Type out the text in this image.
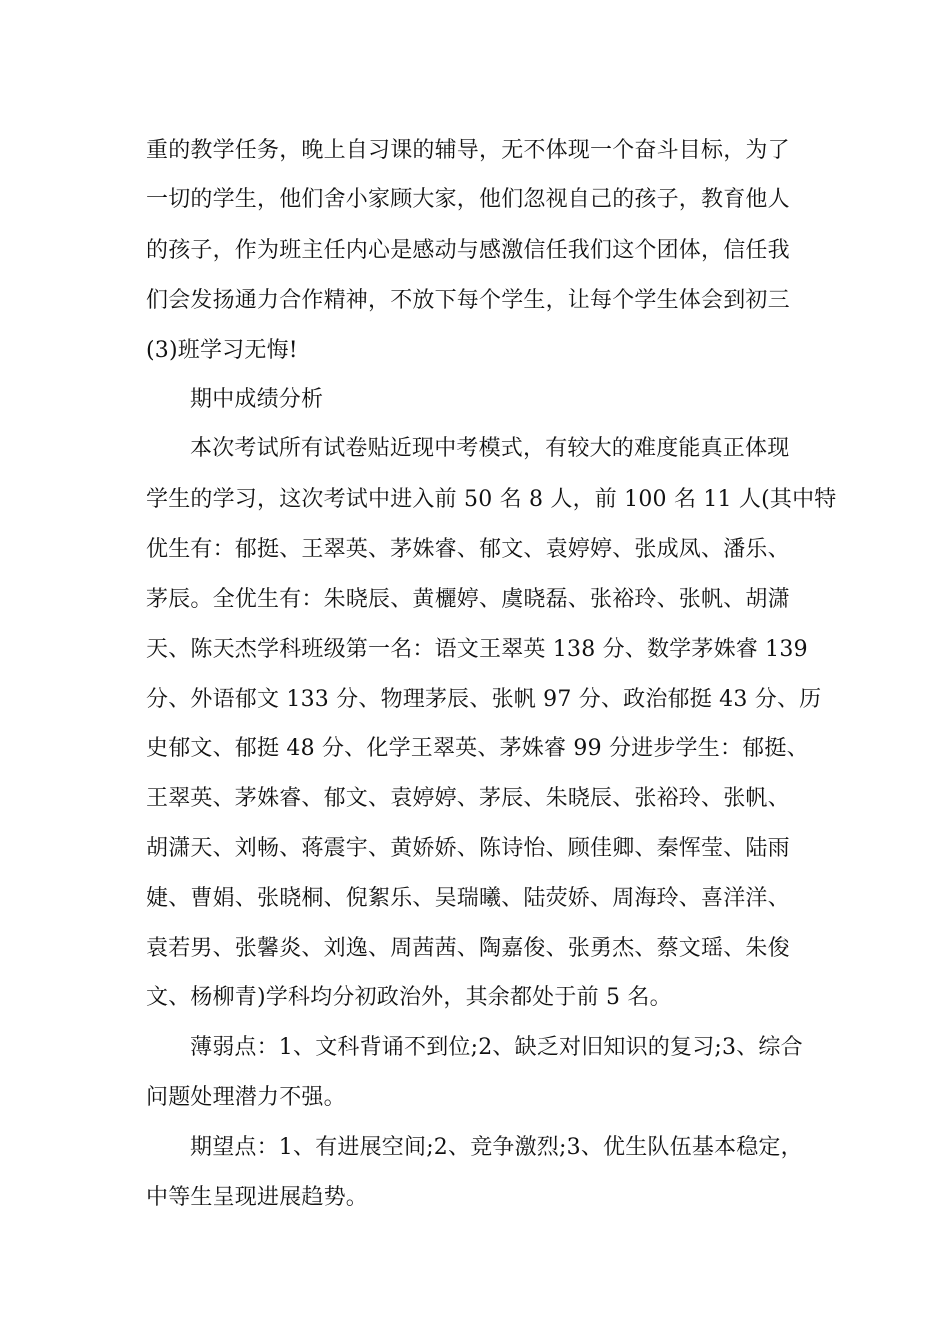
重的教学任务，晚上自习课的辅导，无不体现一个奋斗目标，为了
一切的学生，他们舍小家顾大家，他们忽视自己的孩子，教育他人
的孩子，作为班主任内心是感动与感激信任我们这个团体，信任我
们会发扬通力合作精神，不放下每个学生，让每个学生体会到初三
(3)班学习无悔!
期中成绩分析
本次考试所有试卷贴近现中考模式，有较大的难度能真正体现
学生的学习，这次考试中进入前 50 名 8 人，前 100 名 11 人(其中特
优生有：郁挺、王翠英、茅姝睿、郁文、袁婷婷、张成凤、潘乐、
茅辰。全优生有：朱晓辰、黄欐婷、虞晓磊、张裕玲、张帆、胡潇
天、陈天杰学科班级第一名：语文王翠英 138 分、数学茅姝睿 139
分、外语郁文 133 分、物理茅辰、张帆 97 分、政治郁挺 43 分、历
史郁文、郁挺 48 分、化学王翠英、茅姝睿 99 分进步学生：郁挺、
王翠英、茅姝睿、郁文、袁婷婷、茅辰、朱晓辰、张裕玲、张帆、
胡潇天、刘畅、蒋震宇、黄娇娇、陈诗怡、顾佳卿、秦恽莹、陆雨
婕、曹娟、张晓桐、倪絮乐、吴瑞曦、陆荧娇、周海玲、喜洋洋、
袁若男、张馨炎、刘逸、周茜茜、陶嘉俊、张勇杰、蔡文瑶、朱俊
文、杨柳青)学科均分初政治外，其余都处于前 5 名。
薄弱点：1、文科背诵不到位;2、缺乏对旧知识的复习;3、综合
问题处理潜力不强。
期望点：1、有进展空间;2、竞争激烈;3、优生队伍基本稳定，
中等生呈现进展趋势。
